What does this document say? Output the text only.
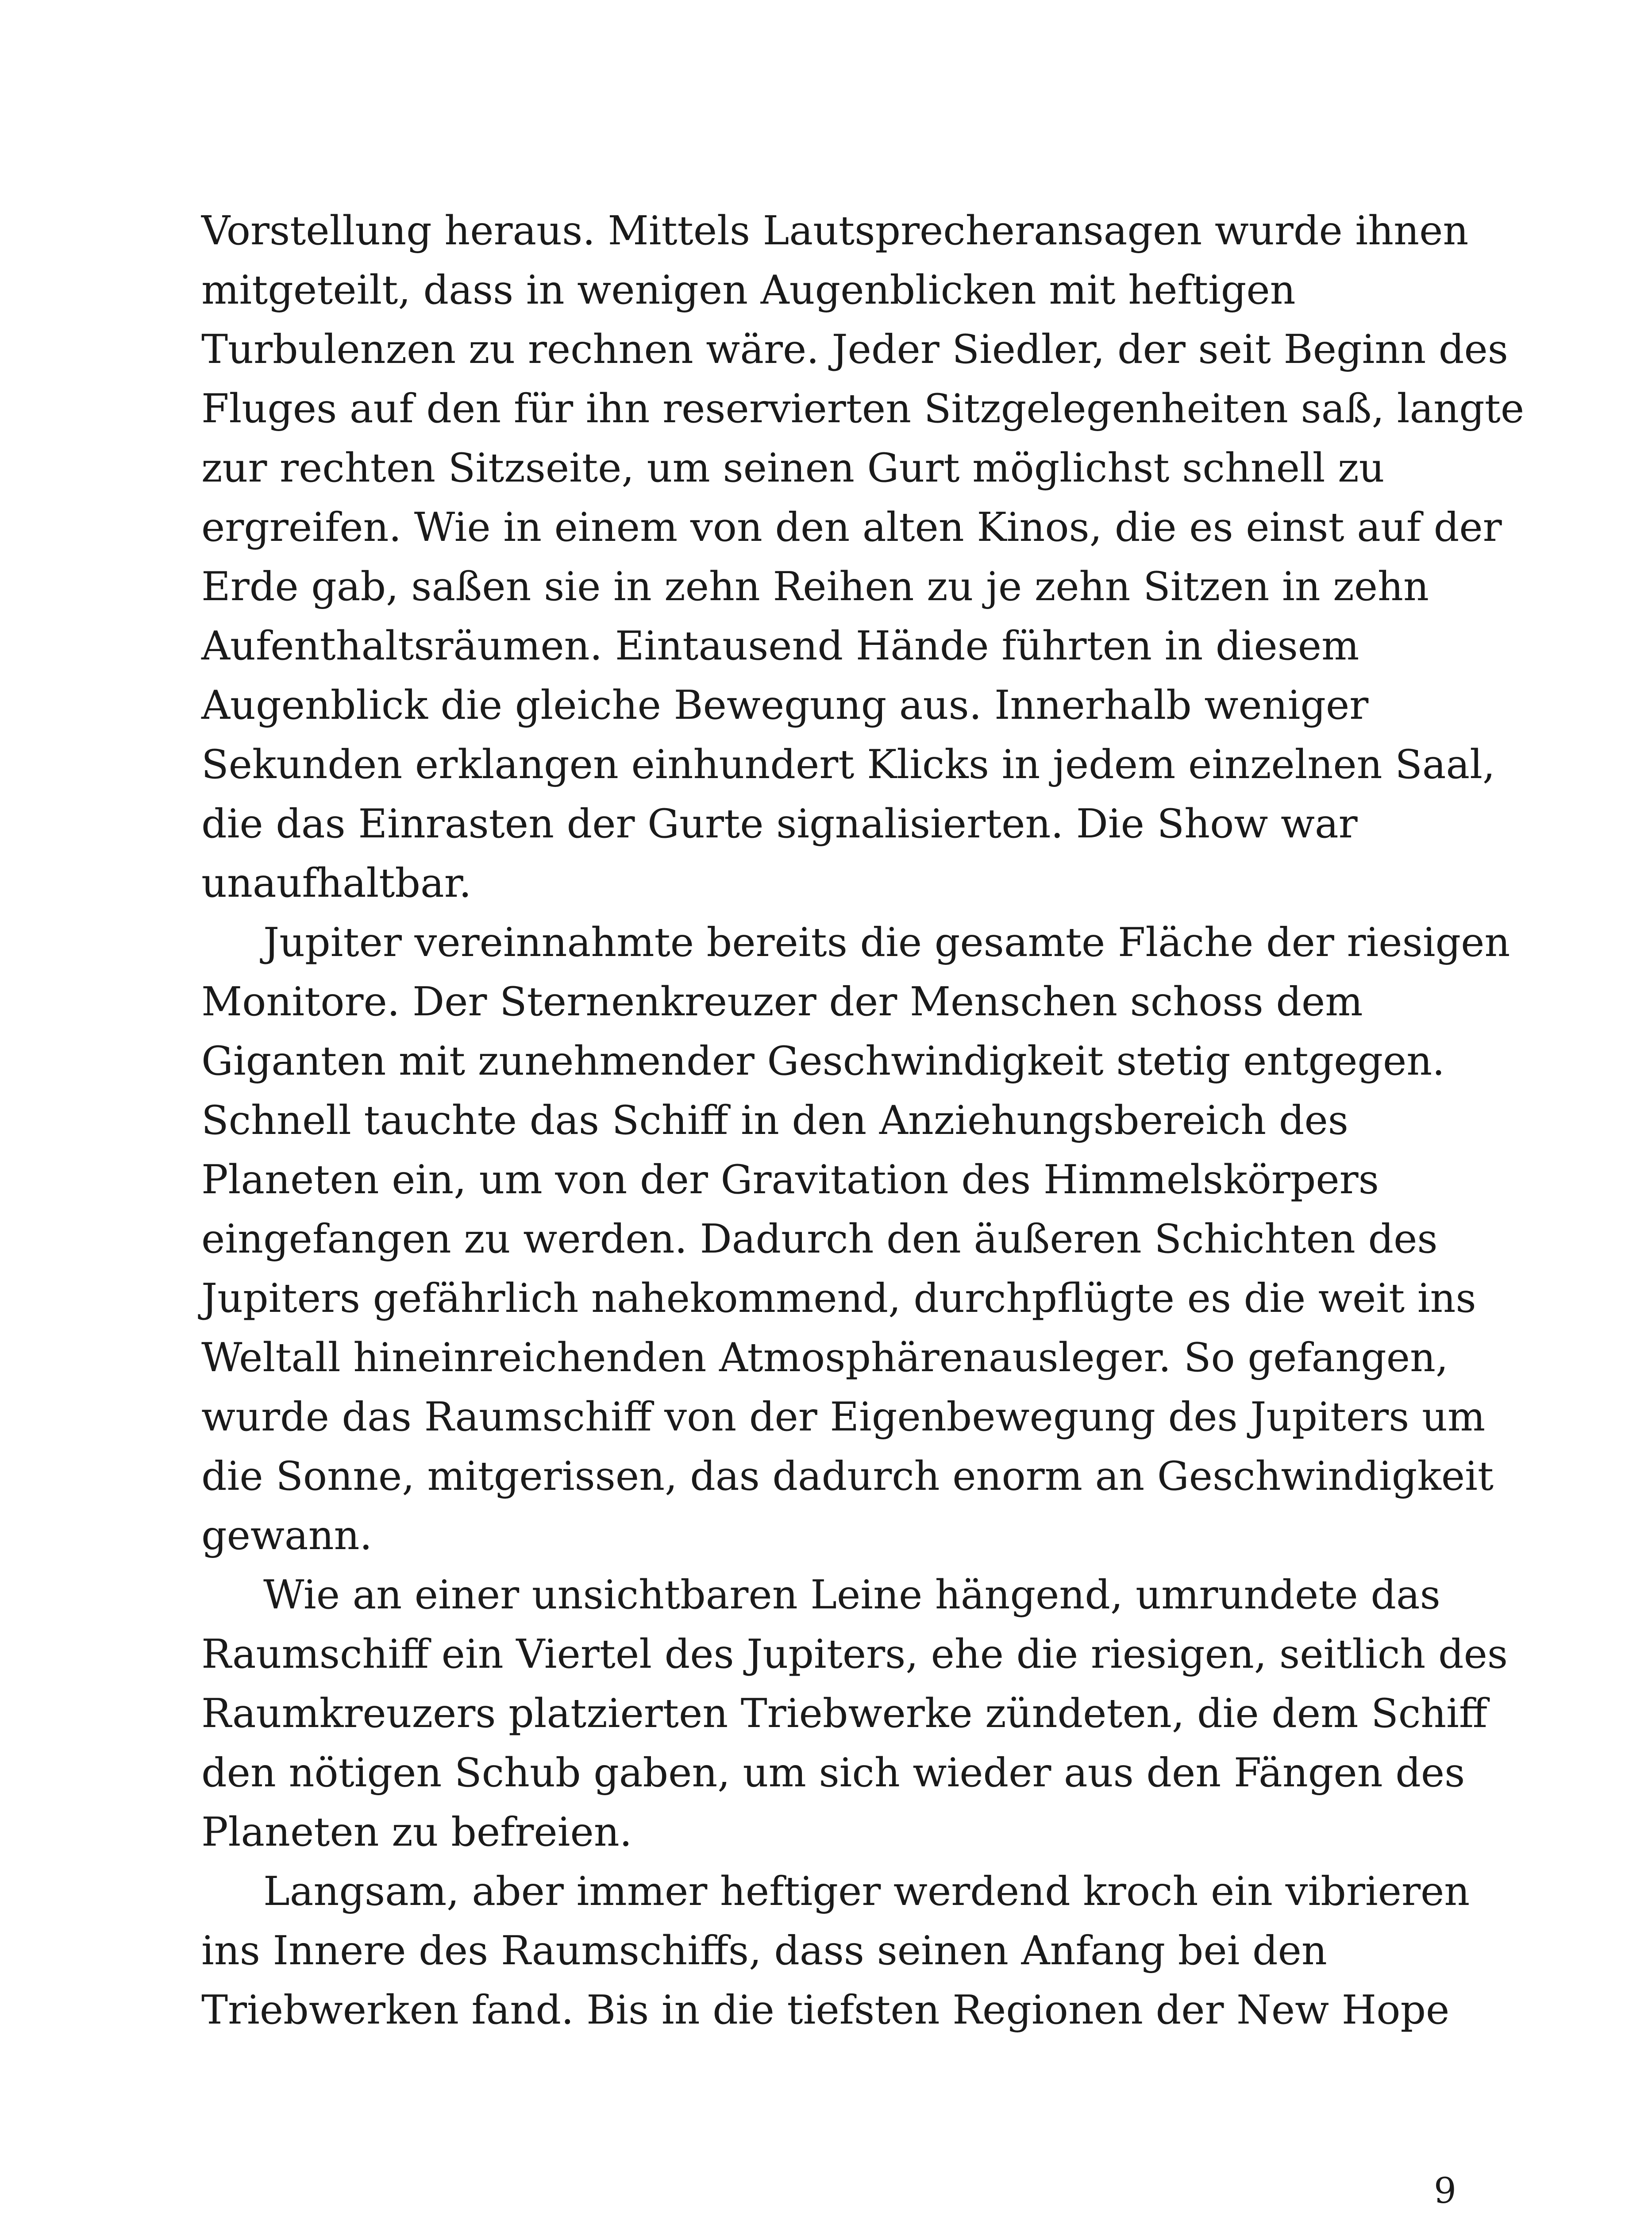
Vorstellung heraus. Mittels Lautsprecheransagen wurde ihnen
mitgeteilt, dass in wenigen Augenblicken mit heftigen
Turbulenzen zu rechnen wäre. Jeder Siedler, der seit Beginn des
Fluges auf den für ihn reservierten Sitzgelegenheiten saß, langte
zur rechten Sitzseite, um seinen Gurt möglichst schnell zu
ergreifen. Wie in einem von den alten Kinos, die es einst auf der
Erde gab, saßen sie in zehn Reihen zu je zehn Sitzen in zehn
Aufenthaltsräumen. Eintausend Hände führten in diesem
Augenblick die gleiche Bewegung aus. Innerhalb weniger
Sekunden erklangen einhundert Klicks in jedem einzelnen Saal,
die das Einrasten der Gurte signalisierten. Die Show war
unaufhaltbar.
Jupiter vereinnahmte bereits die gesamte Fläche der riesigen
Monitore. Der Sternenkreuzer der Menschen schoss dem
Giganten mit zunehmender Geschwindigkeit stetig entgegen.
Schnell tauchte das Schiff in den Anziehungsbereich des
Planeten ein, um von der Gravitation des Himmelskörpers
eingefangen zu werden. Dadurch den äußeren Schichten des
Jupiters gefährlich nahekommend, durchpflügte es die weit ins
Weltall hineinreichenden Atmosphärenausleger. So gefangen,
wurde das Raumschiff von der Eigenbewegung des Jupiters um
die Sonne, mitgerissen, das dadurch enorm an Geschwindigkeit
gewann.
Wie an einer unsichtbaren Leine hängend, umrundete das
Raumschiff ein Viertel des Jupiters, ehe die riesigen, seitlich des
Raumkreuzers platzierten Triebwerke zündeten, die dem Schiff
den nötigen Schub gaben, um sich wieder aus den Fängen des
Planeten zu befreien.
Langsam, aber immer heftiger werdend kroch ein vibrieren
ins Innere des Raumschiffs, dass seinen Anfang bei den
Triebwerken fand. Bis in die tiefsten Regionen der New Hope
9
